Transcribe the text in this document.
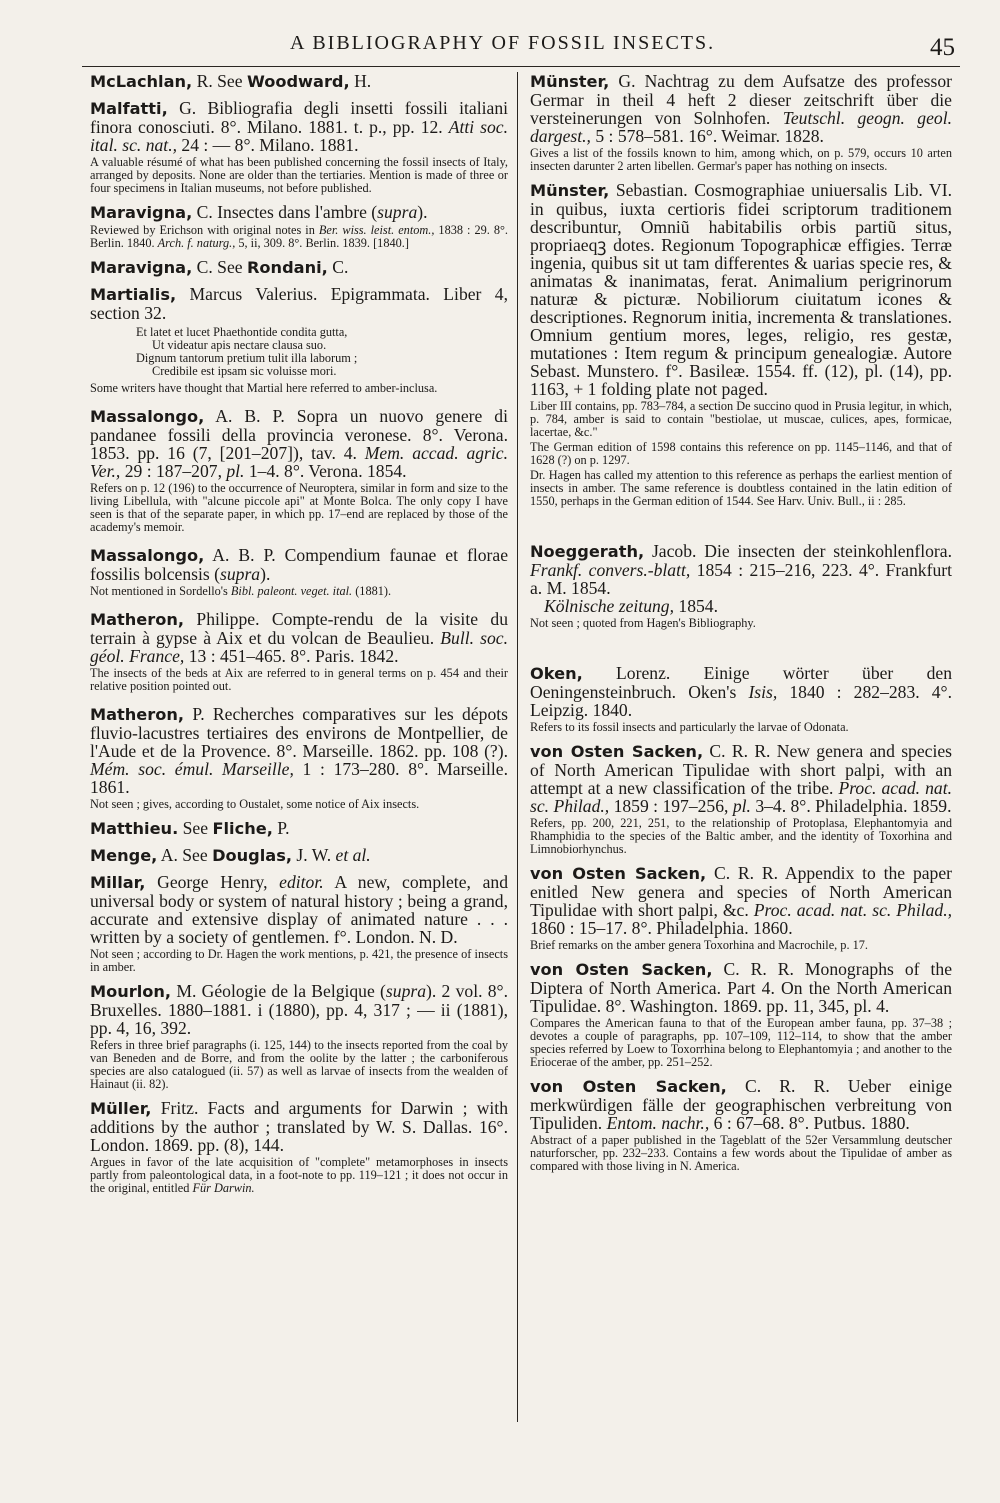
A BIBLIOGRAPHY OF FOSSIL INSECTS.	45

McLachlan, R. See Woodward, H.

Malfatti, G. Bibliografia degli insetti fossili italiani finora conosciuti. 8°. Milano. 1881. t. p., pp. 12. Atti soc. ital. sc. nat., 24 : — 8°. Milano. 1881.

A valuable résumé of what has been published concerning the fossil insects of Italy, arranged by deposits. None are older than the tertiaries. Mention is made of three or four specimens in Italian museums, not before published.

Maravigna, C. Insectes dans l'ambre (supra).

Reviewed by Erichson with original notes in Ber. wiss. leist. entom., 1838 : 29. 8°. Berlin. 1840. Arch. f. naturg., 5, ii, 309. 8°. Berlin. 1839. [1840.]

Maravigna, C. See Rondani, C.

Martialis, Marcus Valerius. Epigrammata. Liber 4, section 32.

Et latet et lucet Phaethontide condita gutta,
Ut videatur apis nectare clausa suo.
Dignum tantorum pretium tulit illa laborum ;
Credibile est ipsam sic voluisse mori.

Some writers have thought that Martial here referred to amber-inclusa.

Massalongo, A. B. P. Sopra un nuovo genere di pandanee fossili della provincia veronese. 8°. Verona. 1853. pp. 16 (7, [201–207]), tav. 4. Mem. accad. agric. Ver., 29 : 187–207, pl. 1–4. 8°. Verona. 1854.

Refers on p. 12 (196) to the occurrence of Neuroptera, similar in form and size to the living Libellula, with "alcune piccole api" at Monte Bolca. The only copy I have seen is that of the separate paper, in which pp. 17–end are replaced by those of the academy's memoir.

Massalongo, A. B. P. Compendium faunae et florae fossilis bolcensis (supra).

Not mentioned in Sordello's Bibl. paleont. veget. ital. (1881).

Matheron, Philippe. Compte-rendu de la visite du terrain à gypse à Aix et du volcan de Beaulieu. Bull. soc. géol. France, 13 : 451–465. 8°. Paris. 1842.

The insects of the beds at Aix are referred to in general terms on p. 454 and their relative position pointed out.

Matheron, P. Recherches comparatives sur les dépots fluvio-lacustres tertiaires des environs de Montpellier, de l'Aude et de la Provence. 8°. Marseille. 1862. pp. 108 (?). Mém. soc. émul. Marseille, 1 : 173–280. 8°. Marseille. 1861.

Not seen ; gives, according to Oustalet, some notice of Aix insects.

Matthieu. See Fliche, P.

Menge, A. See Douglas, J. W. et al.

Millar, George Henry, editor. A new, complete, and universal body or system of natural history ; being a grand, accurate and extensive display of animated nature . . . written by a society of gentlemen. f°. London. N. D.

Not seen ; according to Dr. Hagen the work mentions, p. 421, the presence of insects in amber.

Mourlon, M. Géologie de la Belgique (supra). 2 vol. 8°. Bruxelles. 1880–1881. i (1880), pp. 4, 317 ; — ii (1881), pp. 4, 16, 392.

Refers in three brief paragraphs (i. 125, 144) to the insects reported from the coal by van Beneden and de Borre, and from the oolite by the latter ; the carboniferous species are also catalogued (ii. 57) as well as larvae of insects from the wealden of Hainaut (ii. 82).

Müller, Fritz. Facts and arguments for Darwin ; with additions by the author ; translated by W. S. Dallas. 16°. London. 1869. pp. (8), 144.

Argues in favor of the late acquisition of "complete" metamorphoses in insects partly from paleontological data, in a foot-note to pp. 119–121 ; it does not occur in the original, entitled Für Darwin.

Münster, G. Nachtrag zu dem Aufsatze des professor Germar in theil 4 heft 2 dieser zeitschrift über die versteinerungen von Solnhofen. Teutschl. geogn. geol. dargest., 5 : 578–581. 16°. Weimar. 1828.

Gives a list of the fossils known to him, among which, on p. 579, occurs 10 arten insecten darunter 2 arten libellen. Germar's paper has nothing on insects.

Münster, Sebastian. Cosmographiae uniuersalis Lib. VI. in quibus, iuxta certioris fidei scriptorum traditionem describuntur, Omniũ habitabilis orbis partiũ situs, propriaeqꝫ dotes. Regionum Topographicæ effigies. Terræ ingenia, quibus sit ut tam differentes & uarias specie res, & animatas & inanimatas, ferat. Animalium perigrinorum naturæ & picturæ. Nobiliorum ciuitatum icones & descriptiones. Regnorum initia, incrementa & translationes. Omnium gentium mores, leges, religio, res gestæ, mutationes : Item regum & principum genealogiæ. Autore Sebast. Munstero. f°. Basileæ. 1554. ff. (12), pl. (14), pp. 1163, + 1 folding plate not paged.

Liber III contains, pp. 783–784, a section De succino quod in Prusia legitur, in which, p. 784, amber is said to contain "bestiolae, ut muscae, culices, apes, formicae, lacertae, &c."

The German edition of 1598 contains this reference on pp. 1145–1146, and that of 1628 (?) on p. 1297.

Dr. Hagen has called my attention to this reference as perhaps the earliest mention of insects in amber. The same reference is doubtless contained in the latin edition of 1550, perhaps in the German edition of 1544. See Harv. Univ. Bull., ii : 285.

Noeggerath, Jacob. Die insecten der steinkohlenflora. Frankf. convers.-blatt, 1854 : 215–216, 223. 4°. Frankfurt a. M. 1854.
Kölnische zeitung, 1854.

Not seen ; quoted from Hagen's Bibliography.

Oken, Lorenz. Einige wörter über den Oeningensteinbruch. Oken's Isis, 1840 : 282–283. 4°. Leipzig. 1840.

Refers to its fossil insects and particularly the larvae of Odonata.

von Osten Sacken, C. R. R. New genera and species of North American Tipulidae with short palpi, with an attempt at a new classification of the tribe. Proc. acad. nat. sc. Philad., 1859 : 197–256, pl. 3–4. 8°. Philadelphia. 1859.

Refers, pp. 200, 221, 251, to the relationship of Protoplasa, Elephantomyia and Rhamphidia to the species of the Baltic amber, and the identity of Toxorhina and Limnobiorhynchus.

von Osten Sacken, C. R. R. Appendix to the paper enitled New genera and species of North American Tipulidae with short palpi, &c. Proc. acad. nat. sc. Philad., 1860 : 15–17. 8°. Philadelphia. 1860.

Brief remarks on the amber genera Toxorhina and Macrochile, p. 17.

von Osten Sacken, C. R. R. Monographs of the Diptera of North America. Part 4. On the North American Tipulidae. 8°. Washington. 1869. pp. 11, 345, pl. 4.

Compares the American fauna to that of the European amber fauna, pp. 37–38 ; devotes a couple of paragraphs, pp. 107–109, 112–114, to show that the amber species referred by Loew to Toxorrhina belong to Elephantomyia ; and another to the Eriocerae of the amber, pp. 251–252.

von Osten Sacken, C. R. R. Ueber einige merkwürdigen fälle der geographischen verbreitung von Tipuliden. Entom. nachr., 6 : 67–68. 8°. Putbus. 1880.

Abstract of a paper published in the Tageblatt of the 52er Versammlung deutscher naturforscher, pp. 232–233. Contains a few words about the Tipulidae of amber as compared with those living in N. America.
